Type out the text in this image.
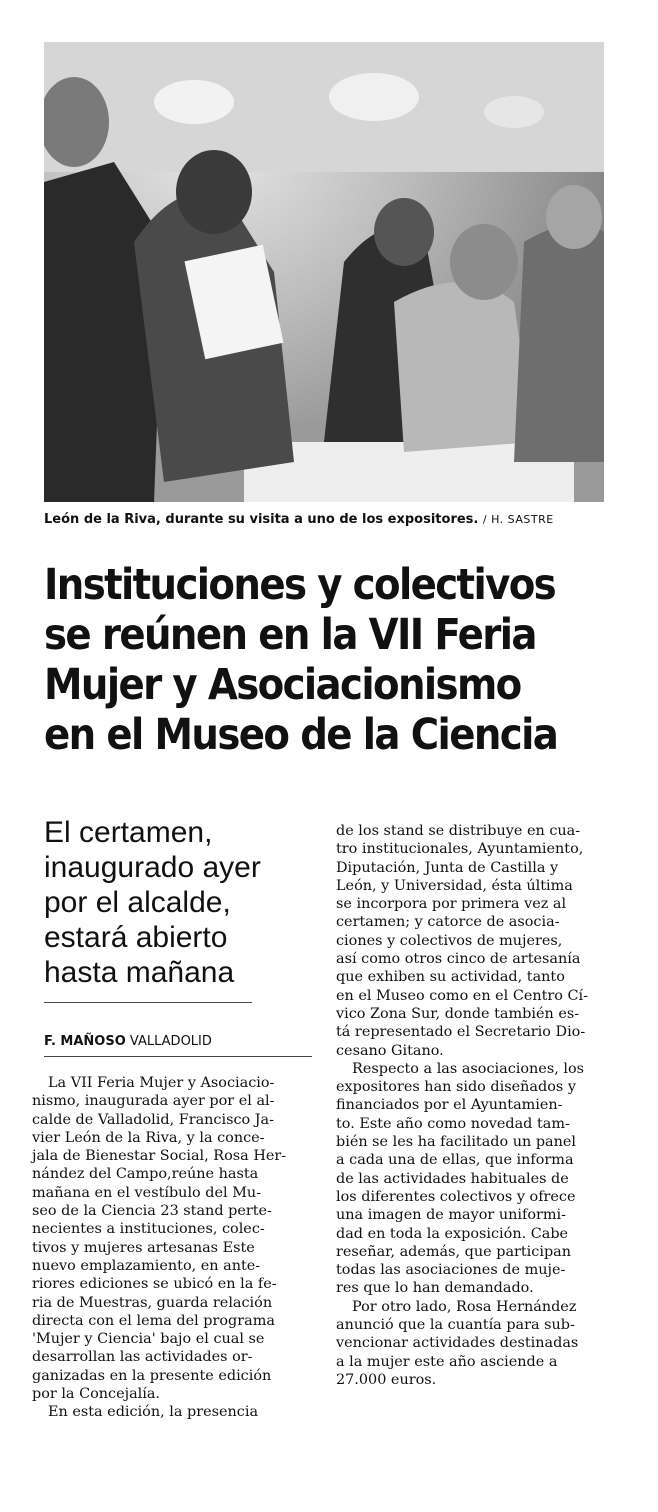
León de la Riva, durante su visita a uno de los expositores. / H. SASTRE
Instituciones y colectivos
se reúnen en la VII Feria
Mujer y Asociacionismo
en el Museo de la Ciencia
El certamen,
inaugurado ayer
por el alcalde,
estará abierto
hasta mañana
F. MAÑOSO VALLADOLID
La VII Feria Mujer y Asociacio-
nismo, inaugurada ayer por el al-
calde de Valladolid, Francisco Ja-
vier León de la Riva, y la conce-
jala de Bienestar Social, Rosa Her-
nández del Campo,reúne hasta
mañana en el vestíbulo del Mu-
seo de la Ciencia 23 stand perte-
necientes a instituciones, colec-
tivos y mujeres artesanas Este
nuevo emplazamiento, en ante-
riores ediciones se ubicó en la fe-
ria de Muestras, guarda relación
directa con el lema del programa
'Mujer y Ciencia' bajo el cual se
desarrollan las actividades or-
ganizadas en la presente edición
por la Concejalía.
En esta edición, la presencia
de los stand se distribuye en cua-
tro institucionales, Ayuntamiento,
Diputación, Junta de Castilla y
León, y Universidad, ésta última
se incorpora por primera vez al
certamen; y catorce de asocia-
ciones y colectivos de mujeres,
así como otros cinco de artesanía
que exhiben su actividad, tanto
en el Museo como en el Centro Cí-
vico Zona Sur, donde también es-
tá representado el Secretario Dio-
cesano Gitano.
Respecto a las asociaciones, los
expositores han sido diseñados y
financiados por el Ayuntamien-
to. Este año como novedad tam-
bién se les ha facilitado un panel
a cada una de ellas, que informa
de las actividades habituales de
los diferentes colectivos y ofrece
una imagen de mayor uniformi-
dad en toda la exposición. Cabe
reseñar, además, que participan
todas las asociaciones de muje-
res que lo han demandado.
Por otro lado, Rosa Hernández
anunció que la cuantía para sub-
vencionar actividades destinadas
a la mujer este año asciende a
27.000 euros.
